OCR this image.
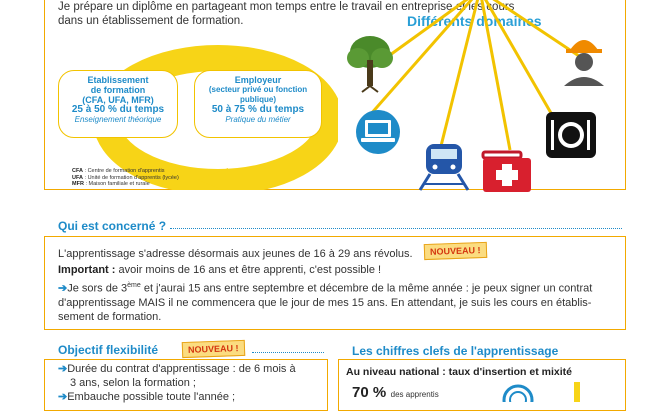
Je prépare un diplôme en partageant mon temps entre le travail en entreprise et les cours
dans un établissement de formation.	Différents domaines
Etablissement
de formation
(CFA, UFA, MFR)
25 à 50 % du temps
Enseignement théorique
Employeur
(secteur privé ou fonction
publique)
50 à 75 % du temps
Pratique du métier
CFA : Centre de formation d'apprentis
UFA : Unité de formation d'apprentis (lycée)
MFR : Maison familiale et rurale
Qui est concerné ?
L'apprentissage s'adresse désormais aux jeunes de 16 à 29 ans révolus.	NOUVEAU !
Important : avoir moins de 16 ans et être apprenti, c'est possible !
➔Je sors de 3ème et j'aurai 15 ans entre septembre et décembre de la même année : je peux signer un contrat
d'apprentissage MAIS il ne commencera que le jour de mes 15 ans. En attendant, je suis les cours en établis-
sement de formation.
Objectif flexibilité	NOUVEAU !
➔Durée du contrat d'apprentissage : de 6 mois à
3 ans, selon la formation ;
➔Embauche possible toute l'année ;
Les chiffres clefs de l'apprentissage
Au niveau national : taux d'insertion et mixité
70 % des apprentis
